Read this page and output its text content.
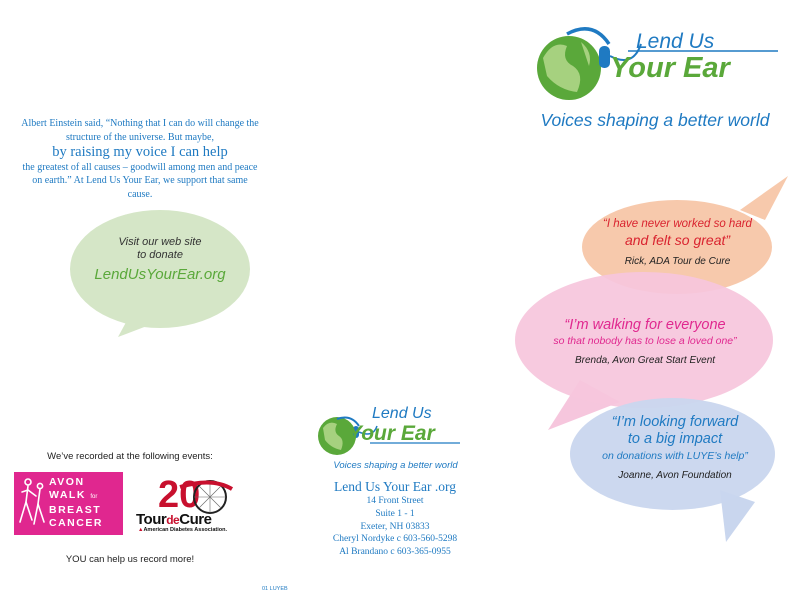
Albert Einstein said, “Nothing that I can do will change the structure of the universe. But maybe,
by raising my voice I can help
the greatest of all causes – goodwill among men and peace on earth.” At Lend Us Your Ear, we support that same cause.
Visit our web site
to donate
LendUsYourEar.org
We’ve recorded at the following events:
AVON
WALK for
BREAST
CANCER
20
TourdeCure
▲American Diabetes Association.
YOU can help us record more!
01 LUYEB
Lend Us
Your Ear
Voices shaping a better world
Lend Us Your Ear .org
14 Front Street
Suite 1 - 1
Exeter, NH 03833
Cheryl Nordyke c 603-560-5298
Al Brandano c 603-365-0955
Lend Us
Your Ear
Voices shaping a better world
“I have never worked so hard
and felt so great”
Rick, ADA Tour de Cure
“I’m walking for everyone
so that nobody has to lose a loved one”
Brenda, Avon Great Start Event
“I’m looking forward
to a big impact
on donations with LUYE’s help”
Joanne, Avon Foundation
